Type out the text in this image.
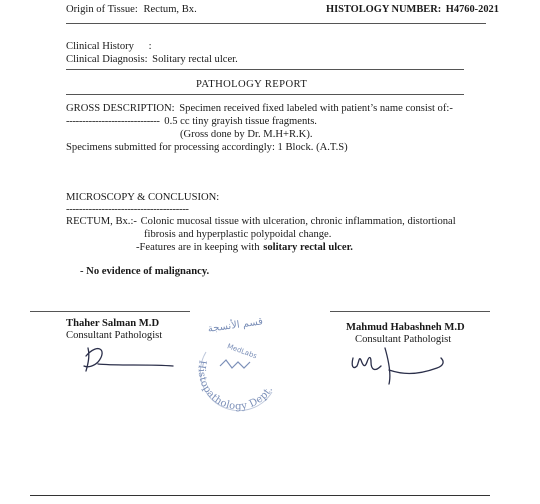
Origin of Tissue: Rectum, Bx.	HISTOLOGY NUMBER: H4760-2021
Clinical History :
Clinical Diagnosis: Solitary rectal ulcer.
PATHOLOGY REPORT
GROSS DESCRIPTION: Specimen received fixed labeled with patient’s name consist of:-
----------------------------- 0.5 cc tiny grayish tissue fragments.
(Gross done by Dr. M.H+R.K).
Specimens submitted for processing accordingly: 1 Block. (A.T.S)
MICROSCOPY & CONCLUSION:
--------------------------------------
RECTUM, Bx.:- Colonic mucosal tissue with ulceration, chronic inflammation, distortional
fibrosis and hyperplastic polypoidal change.
-Features are in keeping with solitary rectal ulcer.
- No evidence of malignancy.
Thaher Salman M.D
Consultant Pathologist
Mahmud Habashneh M.D
Consultant Pathologist
قسم الأنسجة
MedLabs
Histopathology Dept.
